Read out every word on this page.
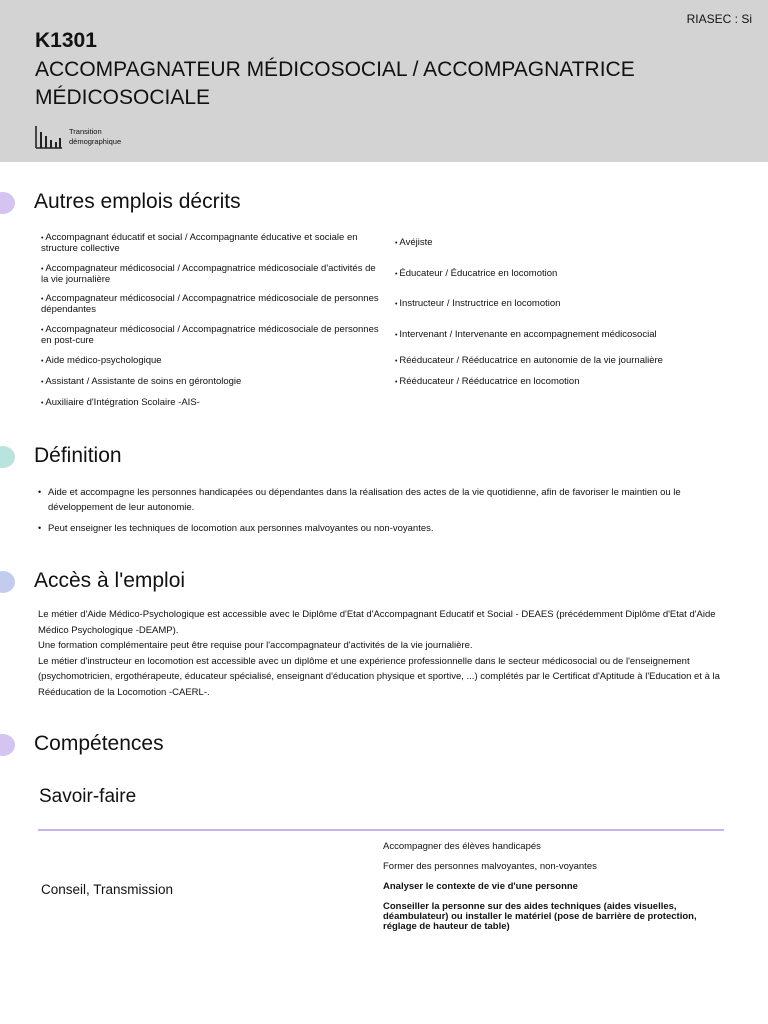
RIASEC : Si
K1301
ACCOMPAGNATEUR MÉDICOSOCIAL / ACCOMPAGNATRICE MÉDICOSOCIALE
Transition démographique
Autres emplois décrits
• Accompagnant éducatif et social / Accompagnante éducative et sociale en structure collective
• Accompagnateur médicosocial / Accompagnatrice médicosociale d'activités de la vie journalière
• Accompagnateur médicosocial / Accompagnatrice médicosociale de personnes dépendantes
• Accompagnateur médicosocial / Accompagnatrice médicosociale de personnes en post-cure
• Aide médico-psychologique
• Assistant / Assistante de soins en gérontologie
• Auxiliaire d'Intégration Scolaire -AIS-
• Avéjiste
• Éducateur / Éducatrice en locomotion
• Instructeur / Instructrice en locomotion
• Intervenant / Intervenante en accompagnement médicosocial
• Rééducateur / Rééducatrice en autonomie de la vie journalière
• Rééducateur / Rééducatrice en locomotion
Définition
• Aide et accompagne les personnes handicapées ou dépendantes dans la réalisation des actes de la vie quotidienne, afin de favoriser le maintien ou le développement de leur autonomie.
• Peut enseigner les techniques de locomotion aux personnes malvoyantes ou non-voyantes.
Accès à l'emploi

Le métier d'Aide Médico-Psychologique est accessible avec le Diplôme d'Etat d'Accompagnant Educatif et Social - DEAES (précédemment Diplôme d'Etat d'Aide Médico Psychologique -DEAMP).

Une formation complémentaire peut être requise pour l'accompagnateur d'activités de la vie journalière.

Le métier d'instructeur en locomotion est accessible avec un diplôme et une expérience professionnelle dans le secteur médicosocial ou de l'enseignement (psychomotricien, ergothérapeute, éducateur spécialisé, enseignant d'éducation physique et sportive, ...) complétés par le Certificat d'Aptitude à l'Education et à la Rééducation de la Locomotion -CAERL-.

Compétences
Savoir-faire
Conseil, Transmission
Accompagner des élèves handicapés
Former des personnes malvoyantes, non-voyantes
Analyser le contexte de vie d'une personne
Conseiller la personne sur des aides techniques (aides visuelles, déambulateur) ou installer le matériel (pose de barrière de protection, réglage de hauteur de table)
